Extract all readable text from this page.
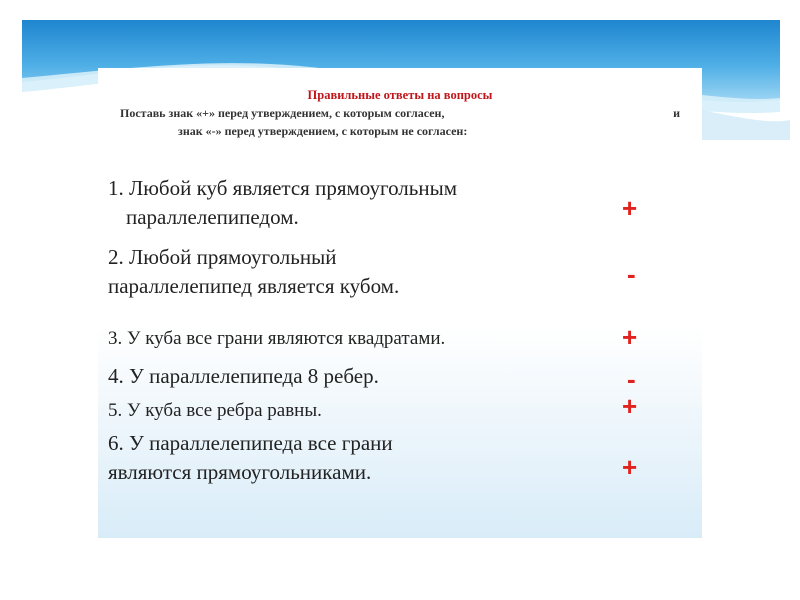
Правильные ответы на вопросы
Поставь знак «+» перед утверждением, с которым согласен,	и
знак «-» перед утверждением, с которым не согласен:
1. Любой куб является прямоугольным
параллелепипедом.	+
2. Любой прямоугольный
параллелепипед является кубом.	-
3. У куба все грани являются квадратами.	+
4. У параллелепипеда 8 ребер.	-
5. У куба все ребра равны.	+
6. У параллелепипеда все грани
являются прямоугольниками.	+
